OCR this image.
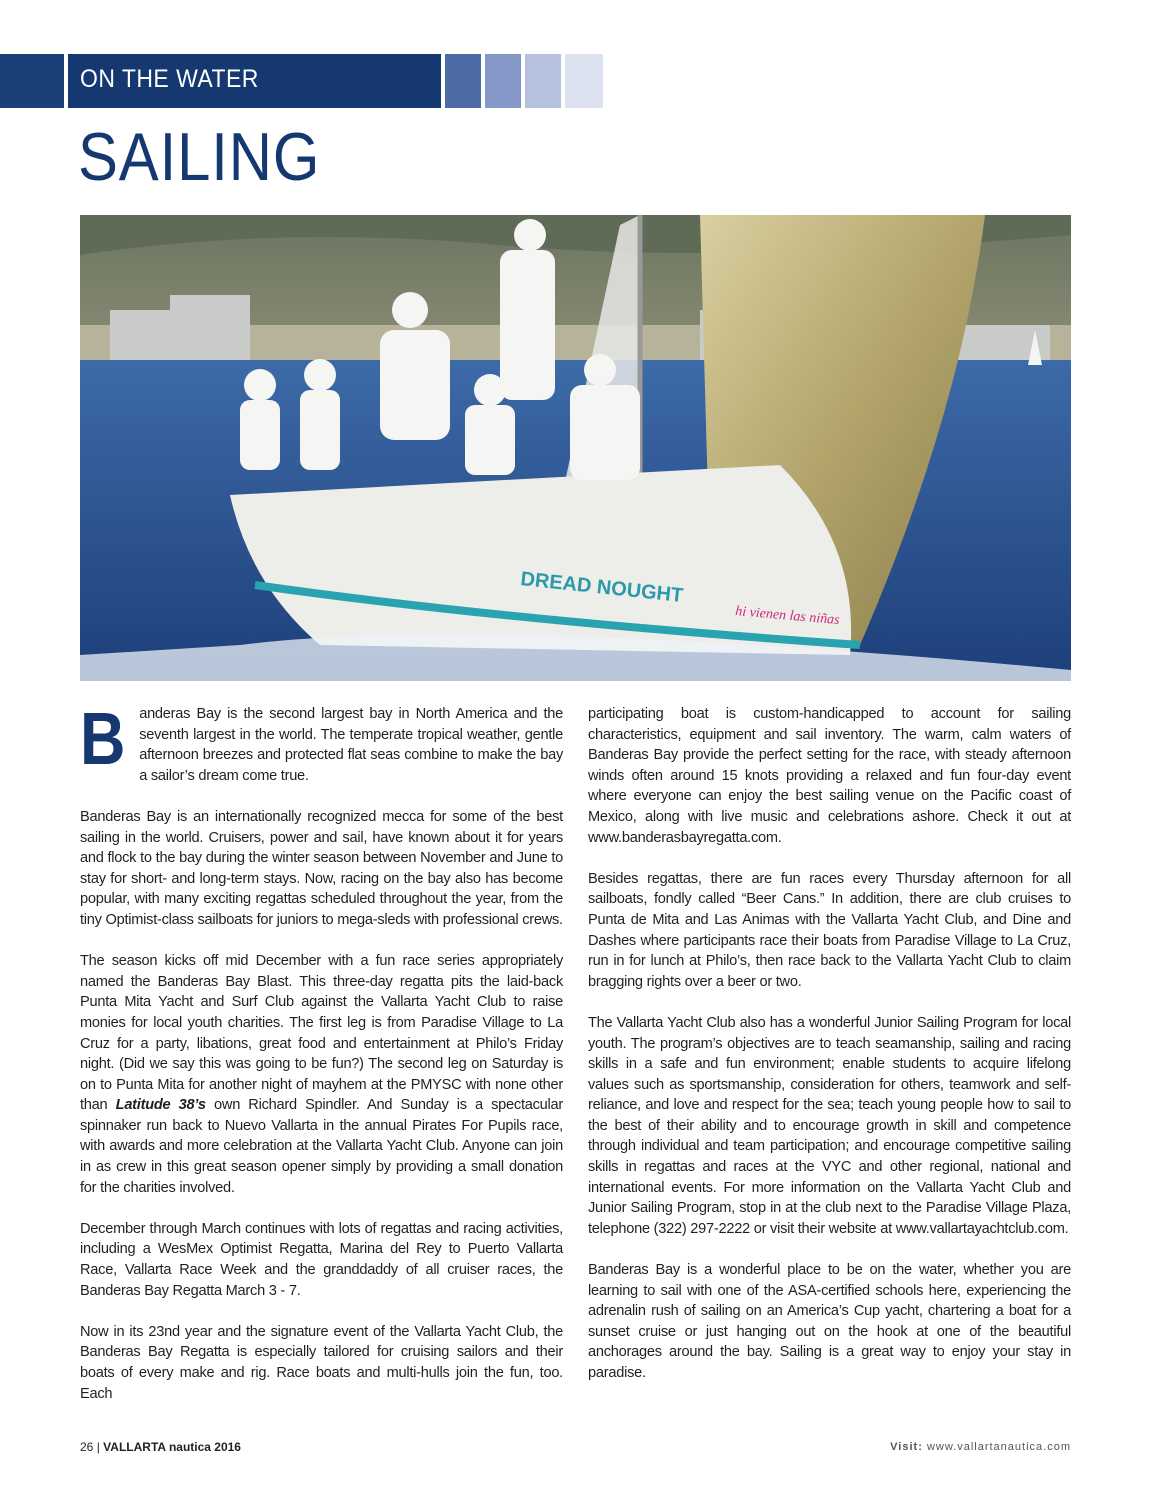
ON THE WATER
SAILING
DREAD NOUGHT
hi vienen las niñas

Banderas Bay is the second largest bay in North America and the seventh largest in the world. The temperate tropical weather, gentle afternoon breezes and protected flat seas combine to make the bay a sailor’s dream come true.

Banderas Bay is an internationally recognized mecca for some of the best sailing in the world. Cruisers, power and sail, have known about it for years and flock to the bay during the winter season between November and June to stay for short- and long-term stays. Now, racing on the bay also has become popular, with many exciting regattas scheduled throughout the year, from the tiny Optimist-class sailboats for juniors to mega-sleds with professional crews.

The season kicks off mid December with a fun race series appropriately named the Banderas Bay Blast. This three-day regatta pits the laid-back Punta Mita Yacht and Surf Club against the Vallarta Yacht Club to raise monies for local youth charities. The first leg is from Paradise Village to La Cruz for a party, libations, great food and entertainment at Philo’s Friday night. (Did we say this was going to be fun?) The second leg on Saturday is on to Punta Mita for another night of mayhem at the PMYSC with none other than Latitude 38’s own Richard Spindler. And Sunday is a spectacular spinnaker run back to Nuevo Vallarta in the annual Pirates For Pupils race, with awards and more celebration at the Vallarta Yacht Club. Anyone can join in as crew in this great season opener simply by providing a small donation for the charities involved.

December through March continues with lots of regattas and racing activities, including a WesMex Optimist Regatta, Marina del Rey to Puerto Vallarta Race, Vallarta Race Week and the granddaddy of all cruiser races, the Banderas Bay Regatta March 3 - 7.

Now in its 23nd year and the signature event of the Vallarta Yacht Club, the Banderas Bay Regatta is especially tailored for cruising sailors and their boats of every make and rig. Race boats and multi-hulls join the fun, too. Each

participating boat is custom-handicapped to account for sailing characteristics, equipment and sail inventory. The warm, calm waters of Banderas Bay provide the perfect setting for the race, with steady afternoon winds often around 15 knots providing a relaxed and fun four-day event where everyone can enjoy the best sailing venue on the Pacific coast of Mexico, along with live music and celebrations ashore. Check it out at www.banderasbayregatta.com.

Besides regattas, there are fun races every Thursday afternoon for all sailboats, fondly called “Beer Cans.” In addition, there are club cruises to Punta de Mita and Las Animas with the Vallarta Yacht Club, and Dine and Dashes where participants race their boats from Paradise Village to La Cruz, run in for lunch at Philo’s, then race back to the Vallarta Yacht Club to claim bragging rights over a beer or two.

The Vallarta Yacht Club also has a wonderful Junior Sailing Program for local youth. The program’s objectives are to teach seamanship, sailing and racing skills in a safe and fun environment; enable students to acquire lifelong values such as sportsmanship, consideration for others, teamwork and self-reliance, and love and respect for the sea; teach young people how to sail to the best of their ability and to encourage growth in skill and competence through individual and team participation; and encourage competitive sailing skills in regattas and races at the VYC and other regional, national and international events. For more information on the Vallarta Yacht Club and Junior Sailing Program, stop in at the club next to the Paradise Village Plaza, telephone (322) 297-2222 or visit their website at www.vallartayachtclub.com.

Banderas Bay is a wonderful place to be on the water, whether you are learning to sail with one of the ASA-certified schools here, experiencing the adrenalin rush of sailing on an America’s Cup yacht, chartering a boat for a sunset cruise or just hanging out on the hook at one of the beautiful anchorages around the bay. Sailing is a great way to enjoy your stay in paradise.

26 | VALLARTA nautica 2016	Visit: www.vallartanautica.com
